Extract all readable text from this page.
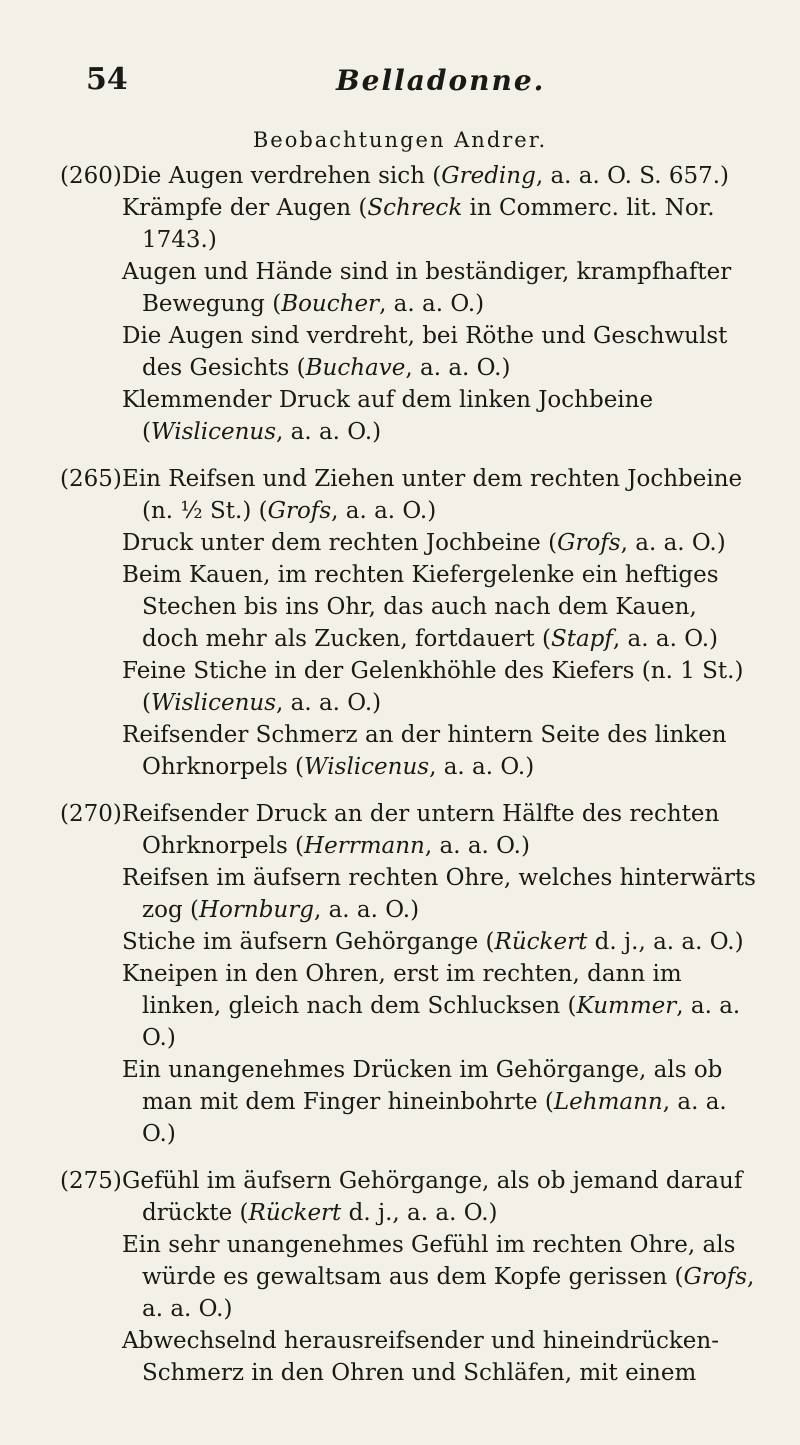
54	Belladonne.
Beobachtungen Andrer.
(260) Die Augen verdrehen sich (Greding, a. a. O. S. 657.)
Krämpfe der Augen (Schreck in Commerc. lit. Nor. 1743.)
Augen und Hände sind in beständiger, krampfhafter Bewegung (Boucher, a. a. O.)
Die Augen sind verdreht, bei Röthe und Geschwulst des Gesichts (Buchave, a. a. O.)
Klemmender Druck auf dem linken Jochbeine (Wislicenus, a. a. O.)
(265) Ein Reifsen und Ziehen unter dem rechten Jochbeine (n. ½ St.) (Grofs, a. a. O.)
Druck unter dem rechten Jochbeine (Grofs, a. a. O.)
Beim Kauen, im rechten Kiefergelenke ein heftiges Stechen bis ins Ohr, das auch nach dem Kauen, doch mehr als Zucken, fortdauert (Stapf, a. a. O.)
Feine Stiche in der Gelenkhöhle des Kiefers (n. 1 St.) (Wislicenus, a. a. O.)
Reifsender Schmerz an der hintern Seite des linken Ohrknorpels (Wislicenus, a. a. O.)
(270) Reifsender Druck an der untern Hälfte des rechten Ohrknorpels (Herrmann, a. a. O.)
Reifsen im äufsern rechten Ohre, welches hinterwärts zog (Hornburg, a. a. O.)
Stiche im äufsern Gehörgange (Rückert d. j., a. a. O.)
Kneipen in den Ohren, erst im rechten, dann im linken, gleich nach dem Schlucksen (Kummer, a. a. O.)
Ein unangenehmes Drücken im Gehörgange, als ob man mit dem Finger hineinbohrte (Lehmann, a. a. O.)
(275) Gefühl im äufsern Gehörgange, als ob jemand darauf drückte (Rückert d. j., a. a. O.)
Ein sehr unangenehmes Gefühl im rechten Ohre, als würde es gewaltsam aus dem Kopfe gerissen (Grofs, a. a. O.)
Abwechselnd herausreifsender und hineindrücken- Schmerz in den Ohren und Schläfen, mit einem
